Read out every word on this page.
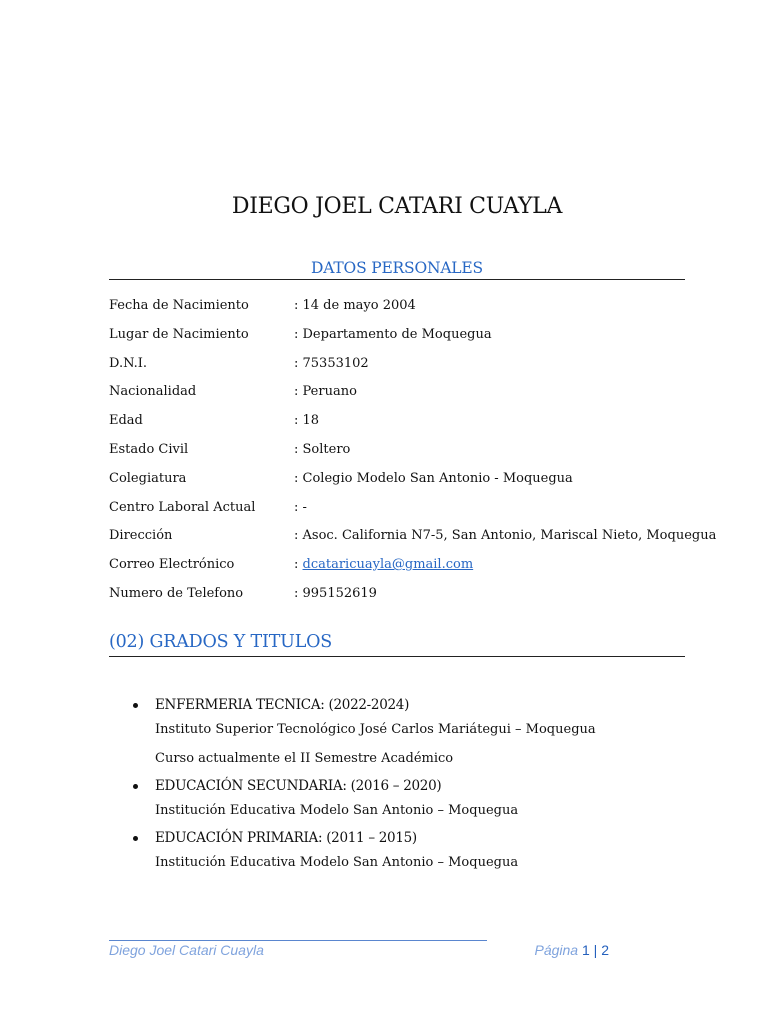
DIEGO JOEL CATARI CUAYLA
DATOS PERSONALES
Fecha de Nacimiento	: 14 de mayo 2004
Lugar de Nacimiento	: Departamento de Moquegua
D.N.I.	: 75353102
Nacionalidad	: Peruano
Edad	: 18
Estado Civil	: Soltero
Colegiatura	: Colegio Modelo San Antonio - Moquegua
Centro Laboral Actual	: -
Dirección	: Asoc. California N7-5, San Antonio, Mariscal Nieto, Moquegua
Correo Electrónico	: dcataricuayla@gmail.com
Numero de Telefono	: 995152619
(02) GRADOS Y TITULOS
ENFERMERIA TECNICA: (2022-2024)
Instituto Superior Tecnológico José Carlos Mariátegui – Moquegua
Curso actualmente el II Semestre Académico
EDUCACIÓN SECUNDARIA: (2016 – 2020)
Institución Educativa Modelo San Antonio – Moquegua
EDUCACIÓN PRIMARIA: (2011 – 2015)
Institución Educativa Modelo San Antonio – Moquegua
Diego Joel Catari Cuayla	Página 1 | 2
